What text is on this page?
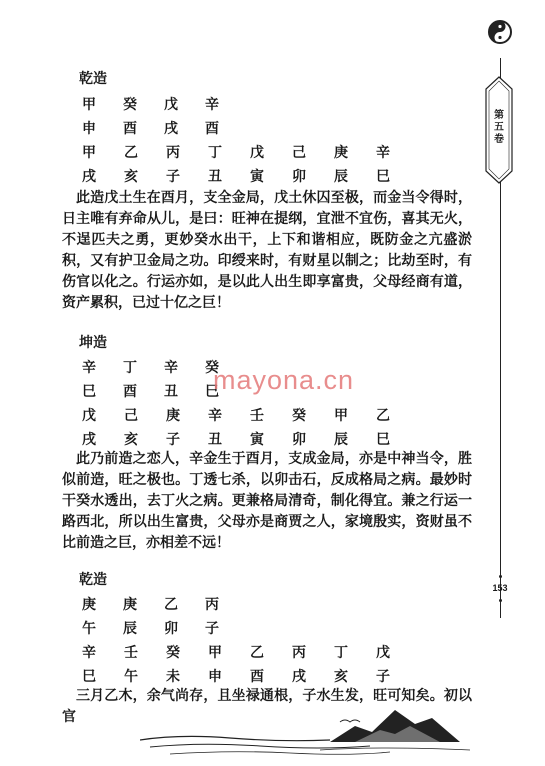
第五卷
153
乾造
甲 癸 戊 辛
申 酉 戌 酉
甲 乙 丙 丁 戊 己 庚 辛
戌 亥 子 丑 寅 卯 辰 巳
此造戊土生在酉月，支全金局，戊土休囚至极，而金当令得时，日主唯有弃命从儿，是曰：旺神在提纲，宜泄不宜伤，喜其无火，不逞匹夫之勇，更妙癸水出干，上下和谐相应，既防金之亢盛淤积，又有护卫金局之功。印绶来时，有财星以制之；比劫至时，有伤官以化之。行运亦如，是以此人出生即享富贵，父母经商有道，资产累积，已过十亿之巨！
坤造
辛 丁 辛 癸
巳 酉 丑 巳
戊 己 庚 辛 壬 癸 甲 乙
戌 亥 子 丑 寅 卯 辰 巳
此乃前造之恋人，辛金生于酉月，支成金局，亦是中神当令，胜似前造，旺之极也。丁透七杀，以卯击石，反成格局之病。最妙时干癸水透出，去丁火之病。更兼格局清奇，制化得宜。兼之行运一路西北，所以出生富贵，父母亦是商贾之人，家境殷实，资财虽不比前造之巨，亦相差不远！
乾造
庚 庚 乙 丙
午 辰 卯 子
辛 壬 癸 甲 乙 丙 丁 戊
巳 午 未 申 酉 戌 亥 子
三月乙木，余气尚存，且坐禄通根，子水生发，旺可知矣。初以官
mayona.cn
